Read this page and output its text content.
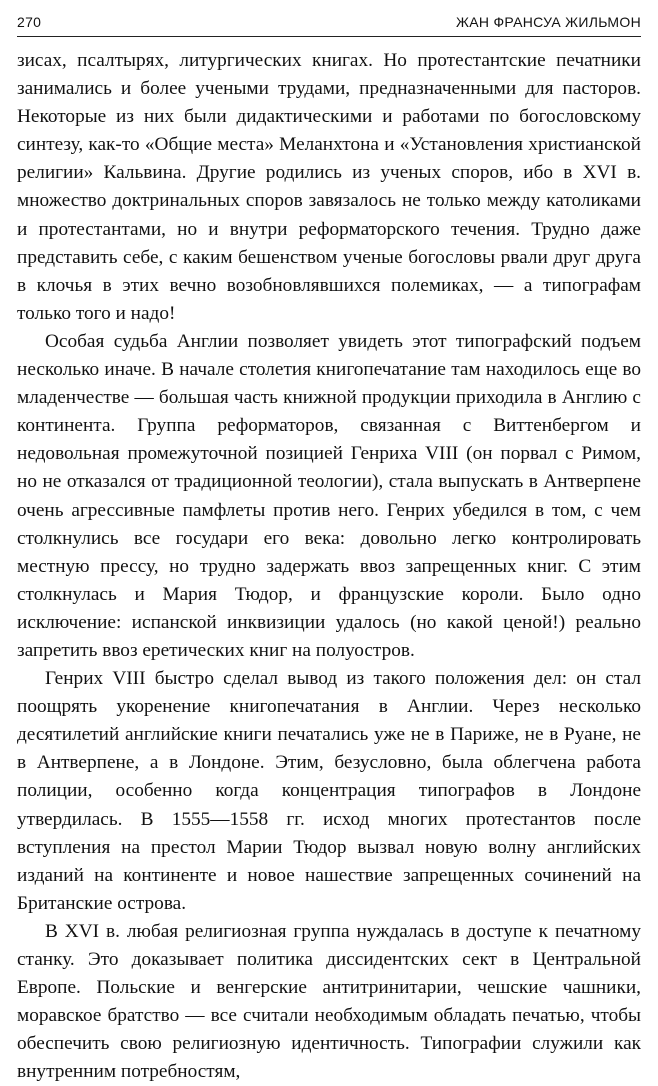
270	ЖАН ФРАНСУА ЖИЛЬМОН

зисах, псалтырях, литургических книгах. Но протестантские печатники занимались и более учеными трудами, предназначенными для пасторов. Некоторые из них были дидактическими и работами по богословскому синтезу, как-то «Общие места» Меланхтона и «Установления христианской религии» Кальвина. Другие родились из ученых споров, ибо в XVI в. множество доктринальных споров завязалось не только между католиками и протестантами, но и внутри реформаторского течения. Трудно даже представить себе, с каким бешенством ученые богословы рвали друг друга в клочья в этих вечно возобновлявшихся полемиках, — а типографам только того и надо!

Особая судьба Англии позволяет увидеть этот типографский подъем несколько иначе. В начале столетия книгопечатание там находилось еще во младенчестве — большая часть книжной продукции приходила в Англию с континента. Группа реформаторов, связанная с Виттенбергом и недовольная промежуточной позицией Генриха VIII (он порвал с Римом, но не отказался от традиционной теологии), стала выпускать в Антверпене очень агрессивные памфлеты против него. Генрих убедился в том, с чем столкнулись все государи его века: довольно легко контролировать местную прессу, но трудно задержать ввоз запрещенных книг. С этим столкнулась и Мария Тюдор, и французские короли. Было одно исключение: испанской инквизиции удалось (но какой ценой!) реально запретить ввоз еретических книг на полуостров.

Генрих VIII быстро сделал вывод из такого положения дел: он стал поощрять укоренение книгопечатания в Англии. Через несколько десятилетий английские книги печатались уже не в Париже, не в Руане, не в Антверпене, а в Лондоне. Этим, безусловно, была облегчена работа полиции, особенно когда концентрация типографов в Лондоне утвердилась. В 1555—1558 гг. исход многих протестантов после вступления на престол Марии Тюдор вызвал новую волну английских изданий на континенте и новое нашествие запрещенных сочинений на Британские острова.

В XVI в. любая религиозная группа нуждалась в доступе к печатному станку. Это доказывает политика диссидентских сект в Центральной Европе. Польские и венгерские антитринитарии, чешские чашники, моравское братство — все считали необходимым обладать печатью, чтобы обеспечить свою религиозную идентичность. Типографии служили как внутренним потребностям,
